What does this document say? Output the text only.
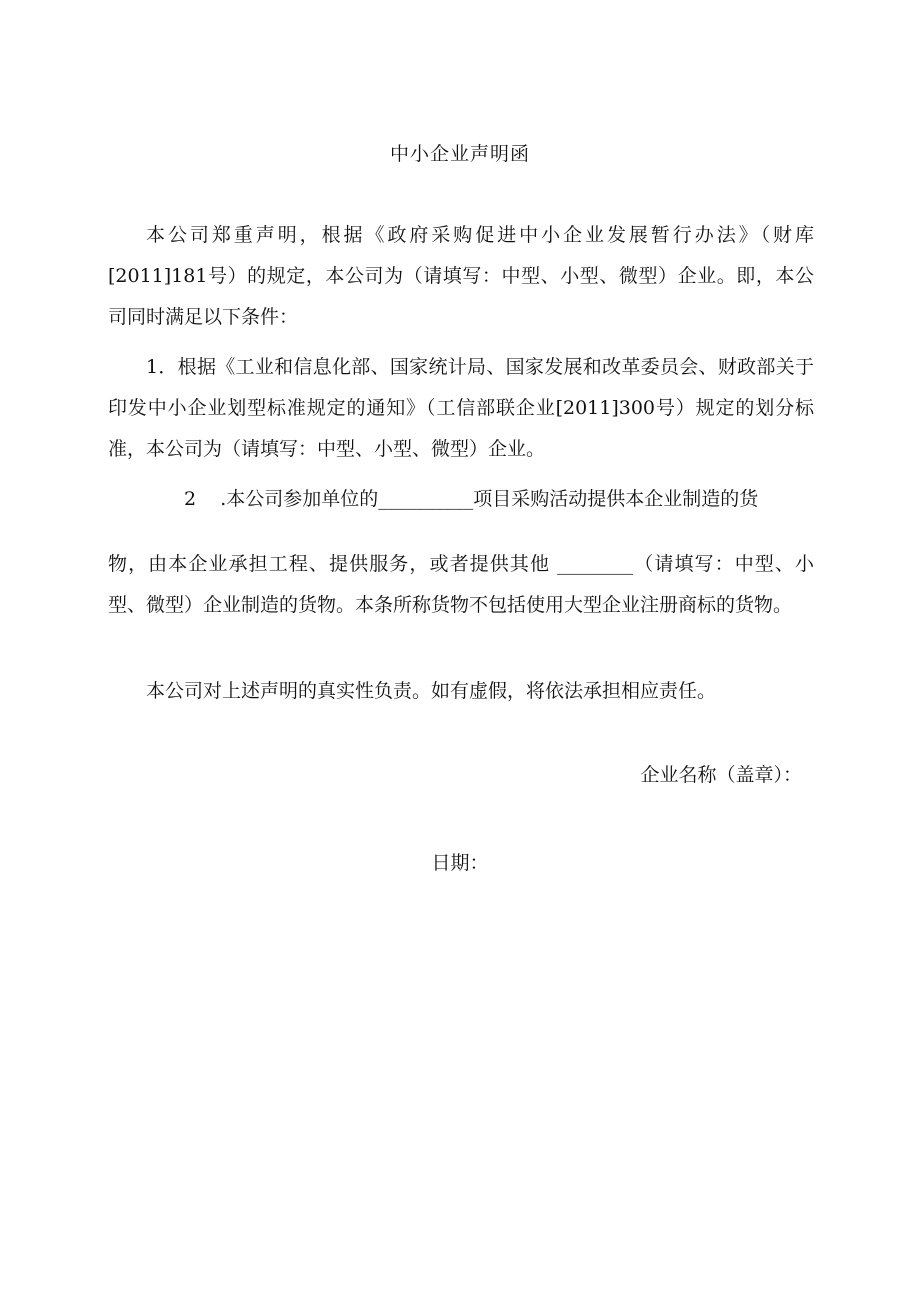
中小企业声明函

本公司郑重声明，根据《政府采购促进中小企业发展暂行办法》（财库[2011]181号）的规定，本公司为（请填写：中型、小型、微型）企业。即，本公司同时满足以下条件：

1．根据《工业和信息化部、国家统计局、国家发展和改革委员会、财政部关于印发中小企业划型标准规定的通知》（工信部联企业[2011]300号）规定的划分标准，本公司为（请填写：中型、小型、微型）企业。

2    .本公司参加单位的__________项目采购活动提供本企业制造的货

物，由本企业承担工程、提供服务，或者提供其他 ________（请填写：中型、小型、微型）企业制造的货物。本条所称货物不包括使用大型企业注册商标的货物。

本公司对上述声明的真实性负责。如有虚假，将依法承担相应责任。

企业名称（盖章）：
日期：
